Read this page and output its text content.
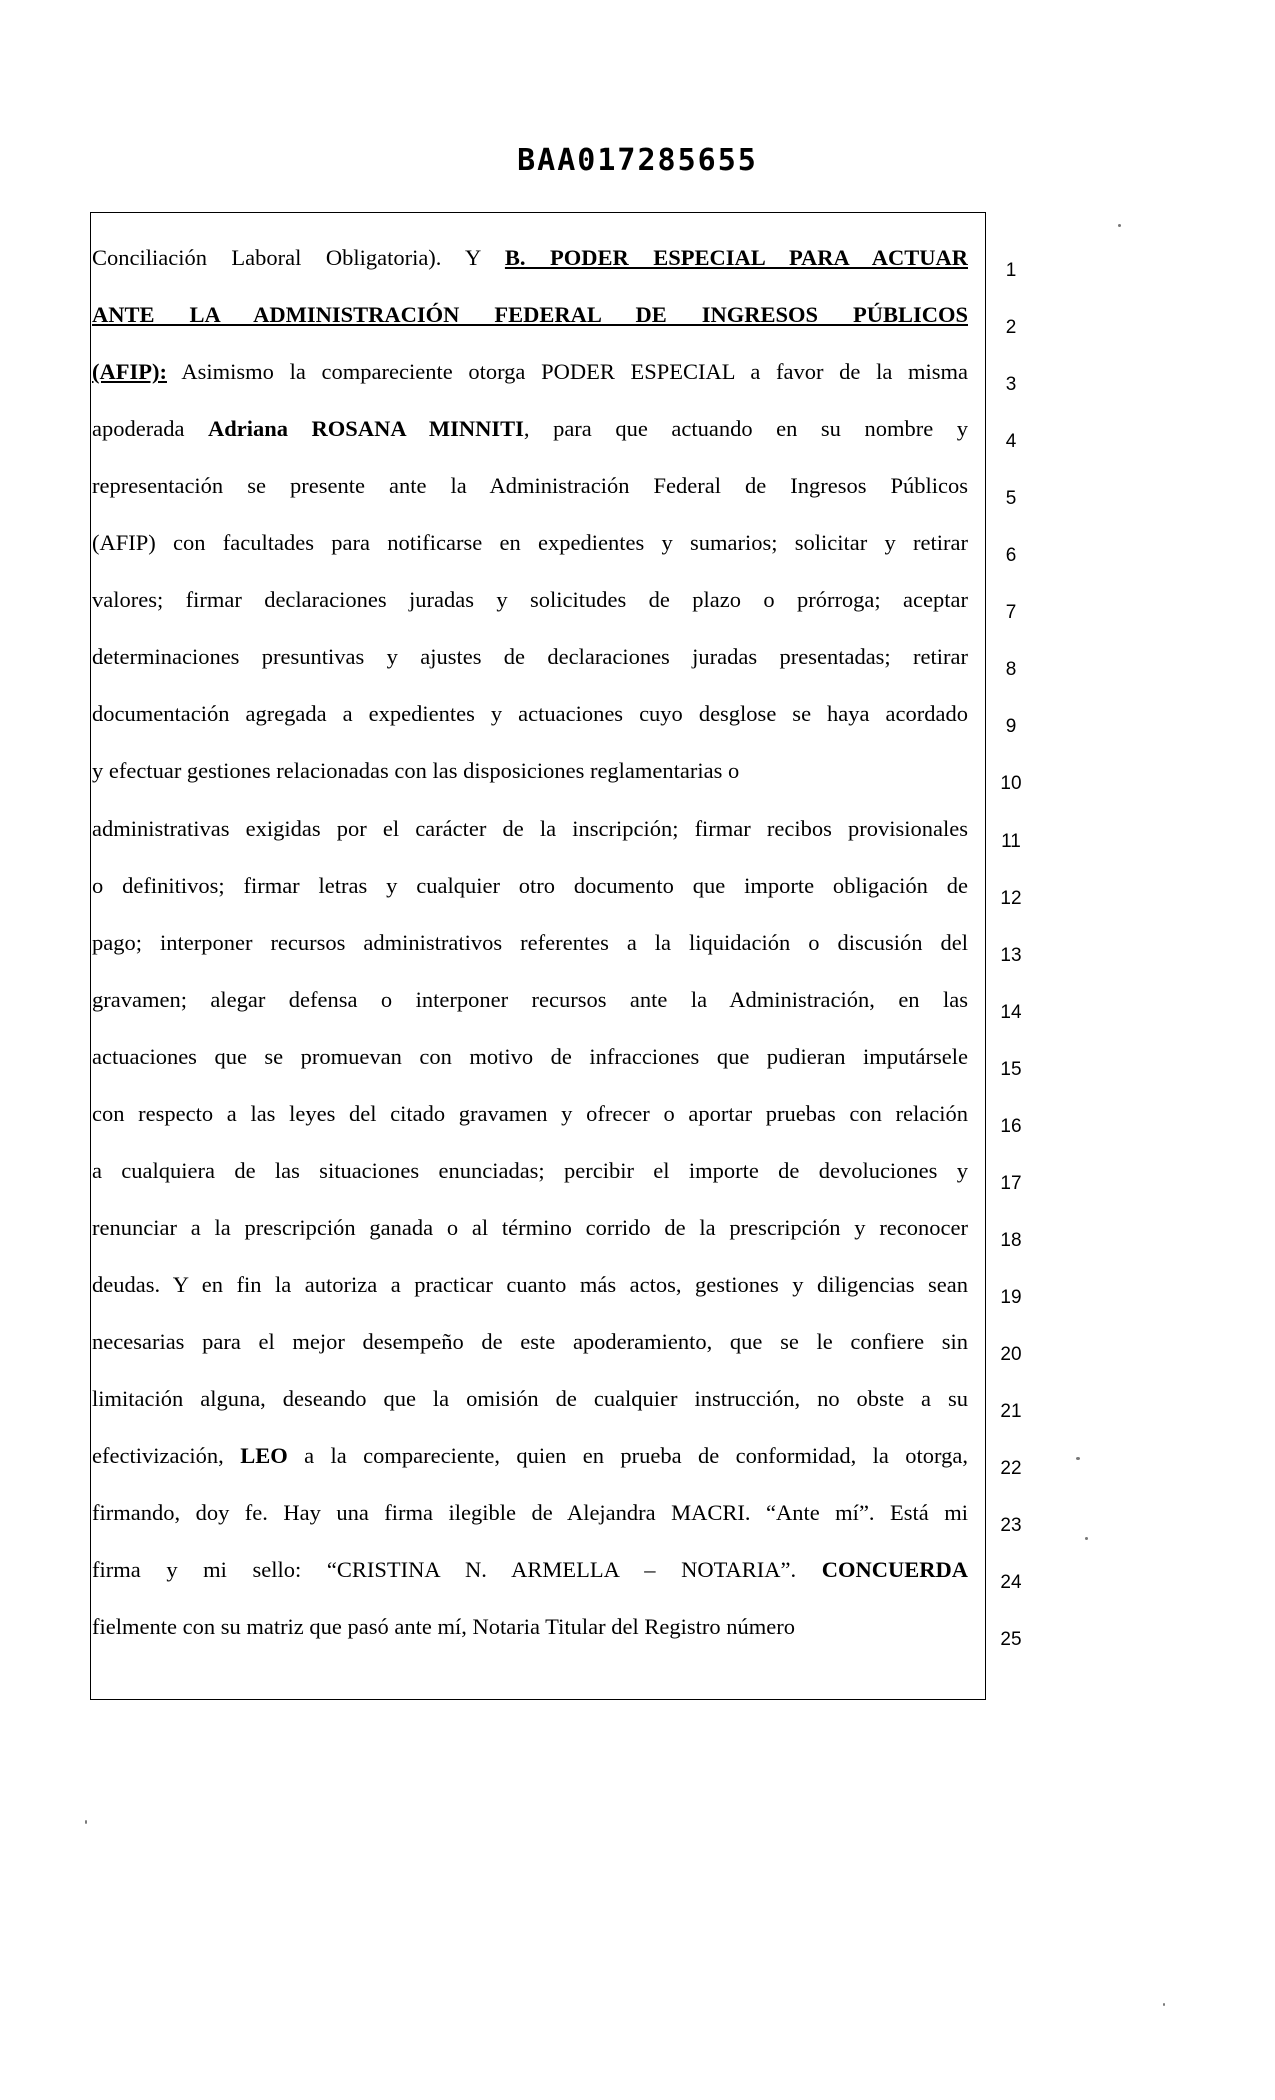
BAA017285655
Conciliación Laboral Obligatoria). Y B. PODER ESPECIAL PARA ACTUAR
1
ANTE LA ADMINISTRACIÓN FEDERAL DE INGRESOS PÚBLICOS
2
(AFIP): Asimismo la compareciente otorga PODER ESPECIAL a favor de la misma
3
apoderada Adriana ROSANA MINNITI, para que actuando en su nombre y
4
representación se presente ante la Administración Federal de Ingresos Públicos
5
(AFIP) con facultades para notificarse en expedientes y sumarios; solicitar y retirar
6
valores; firmar declaraciones juradas y solicitudes de plazo o prórroga; aceptar
7
determinaciones presuntivas y ajustes de declaraciones juradas presentadas; retirar
8
documentación agregada a expedientes y actuaciones cuyo desglose se haya acordado
9
y efectuar gestiones relacionadas con las disposiciones reglamentarias o
10
administrativas exigidas por el carácter de la inscripción; firmar recibos provisionales
11
o definitivos; firmar letras y cualquier otro documento que importe obligación de
12
pago; interponer recursos administrativos referentes a la liquidación o discusión del
13
gravamen; alegar defensa o interponer recursos ante la Administración, en las
14
actuaciones que se promuevan con motivo de infracciones que pudieran imputársele
15
con respecto a las leyes del citado gravamen y ofrecer o aportar pruebas con relación
16
a cualquiera de las situaciones enunciadas; percibir el importe de devoluciones y
17
renunciar a la prescripción ganada o al término corrido de la prescripción y reconocer
18
deudas. Y en fin la autoriza a practicar cuanto más actos, gestiones y diligencias sean
19
necesarias para el mejor desempeño de este apoderamiento, que se le confiere sin
20
limitación alguna, deseando que la omisión de cualquier instrucción, no obste a su
21
efectivización, LEO a la compareciente, quien en prueba de conformidad, la otorga,
22
firmando, doy fe. Hay una firma ilegible de Alejandra MACRI. “Ante mí”. Está mi
23
firma y mi sello: “CRISTINA N. ARMELLA – NOTARIA”. CONCUERDA
24
fielmente con su matriz que pasó ante mí, Notaria Titular del Registro número
25
